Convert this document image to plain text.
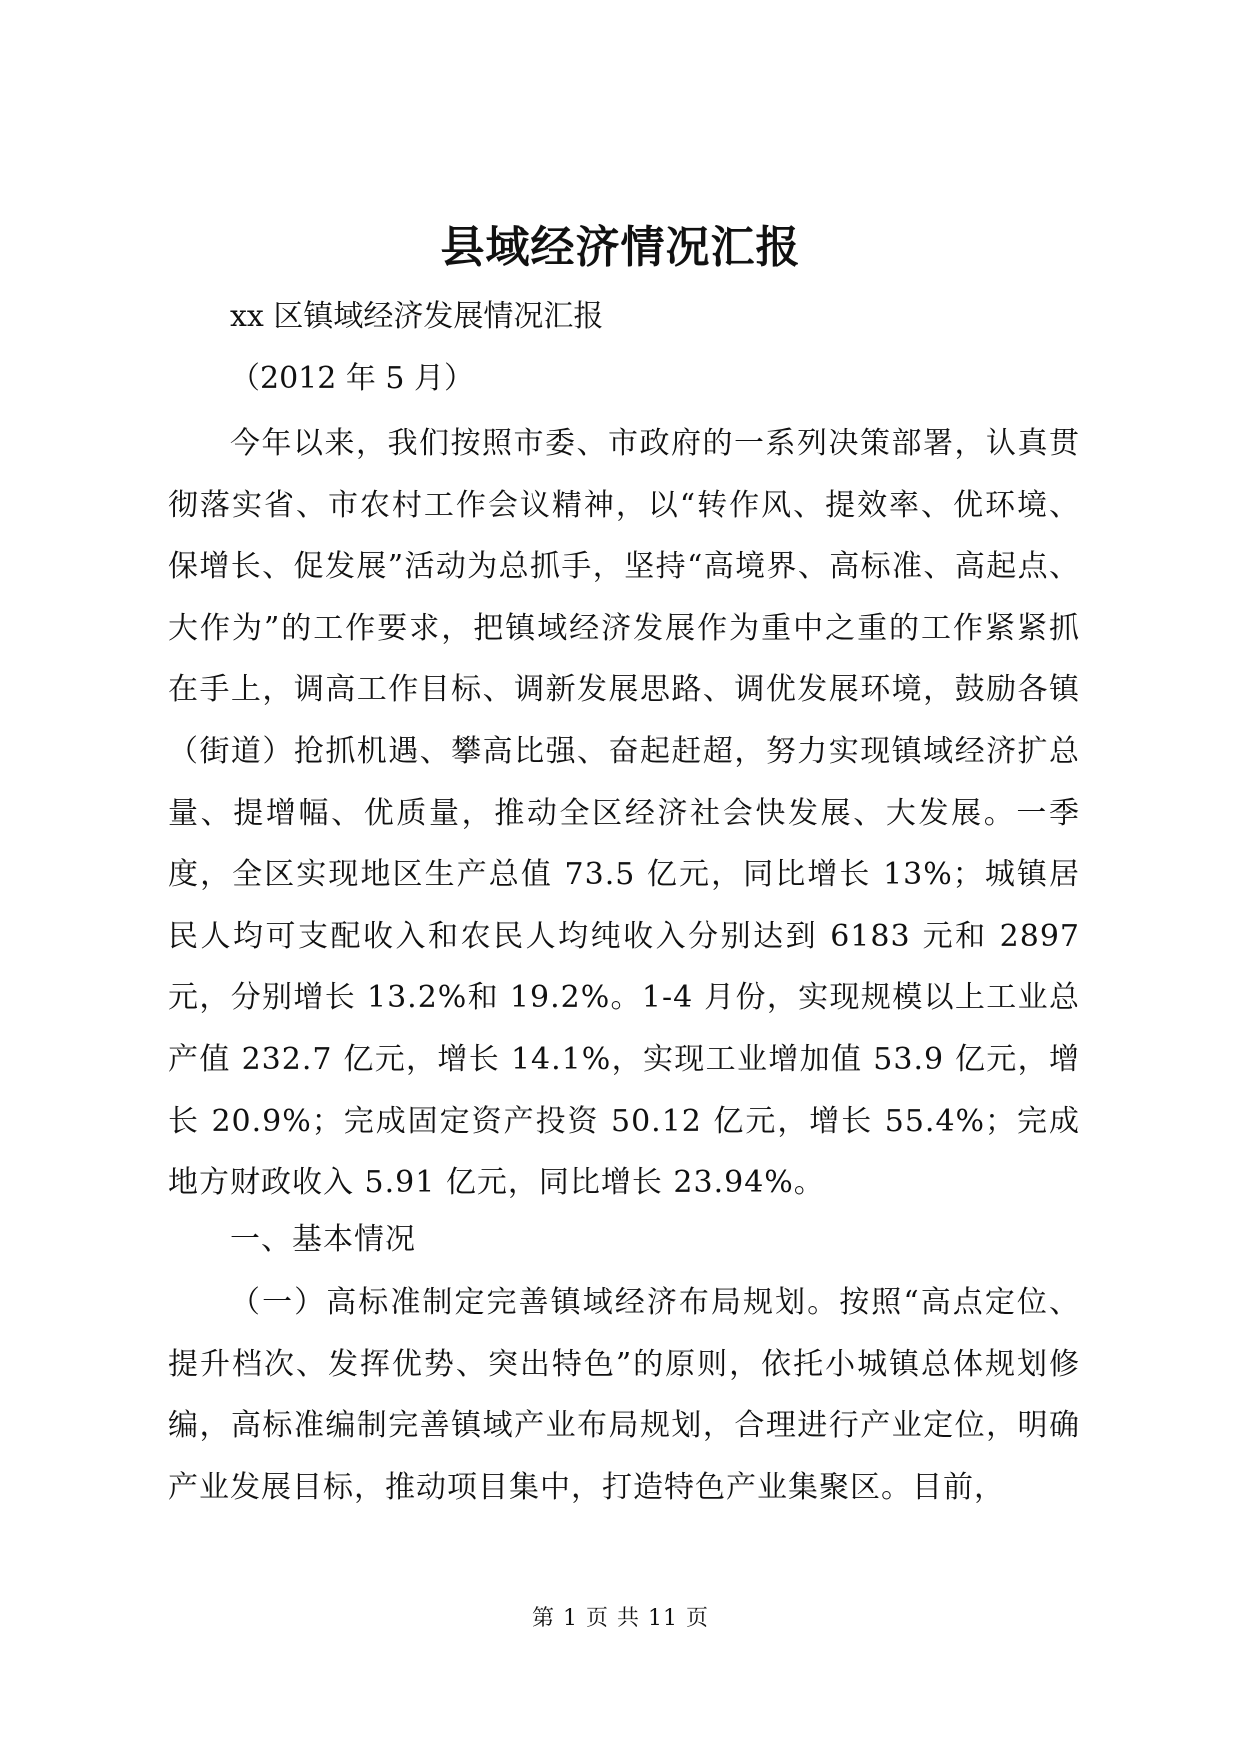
县域经济情况汇报
xx 区镇域经济发展情况汇报
（2012 年 5 月）

今年以来，我们按照市委、市政府的一系列决策部署，认真贯彻落实省、市农村工作会议精神，以“转作风、提效率、优环境、保增长、促发展”活动为总抓手，坚持“高境界、高标准、高起点、大作为”的工作要求，把镇域经济发展作为重中之重的工作紧紧抓在手上，调高工作目标、调新发展思路、调优发展环境，鼓励各镇（街道）抢抓机遇、攀高比强、奋起赶超，努力实现镇域经济扩总量、提增幅、优质量，推动全区经济社会快发展、大发展。一季度，全区实现地区生产总值 73.5 亿元，同比增长 13%；城镇居民人均可支配收入和农民人均纯收入分别达到 6183 元和 2897 元，分别增长 13.2%和 19.2%。1-4 月份，实现规模以上工业总产值 232.7 亿元，增长 14.1%，实现工业增加值 53.9 亿元，增长 20.9%；完成固定资产投资 50.12 亿元，增长 55.4%；完成地方财政收入 5.91 亿元，同比增长 23.94%。

一、基本情况

（一）高标准制定完善镇域经济布局规划。按照“高点定位、提升档次、发挥优势、突出特色”的原则，依托小城镇总体规划修编，高标准编制完善镇域产业布局规划，合理进行产业定位，明确产业发展目标，推动项目集中，打造特色产业集聚区。目前，

第 1 页 共 11 页
